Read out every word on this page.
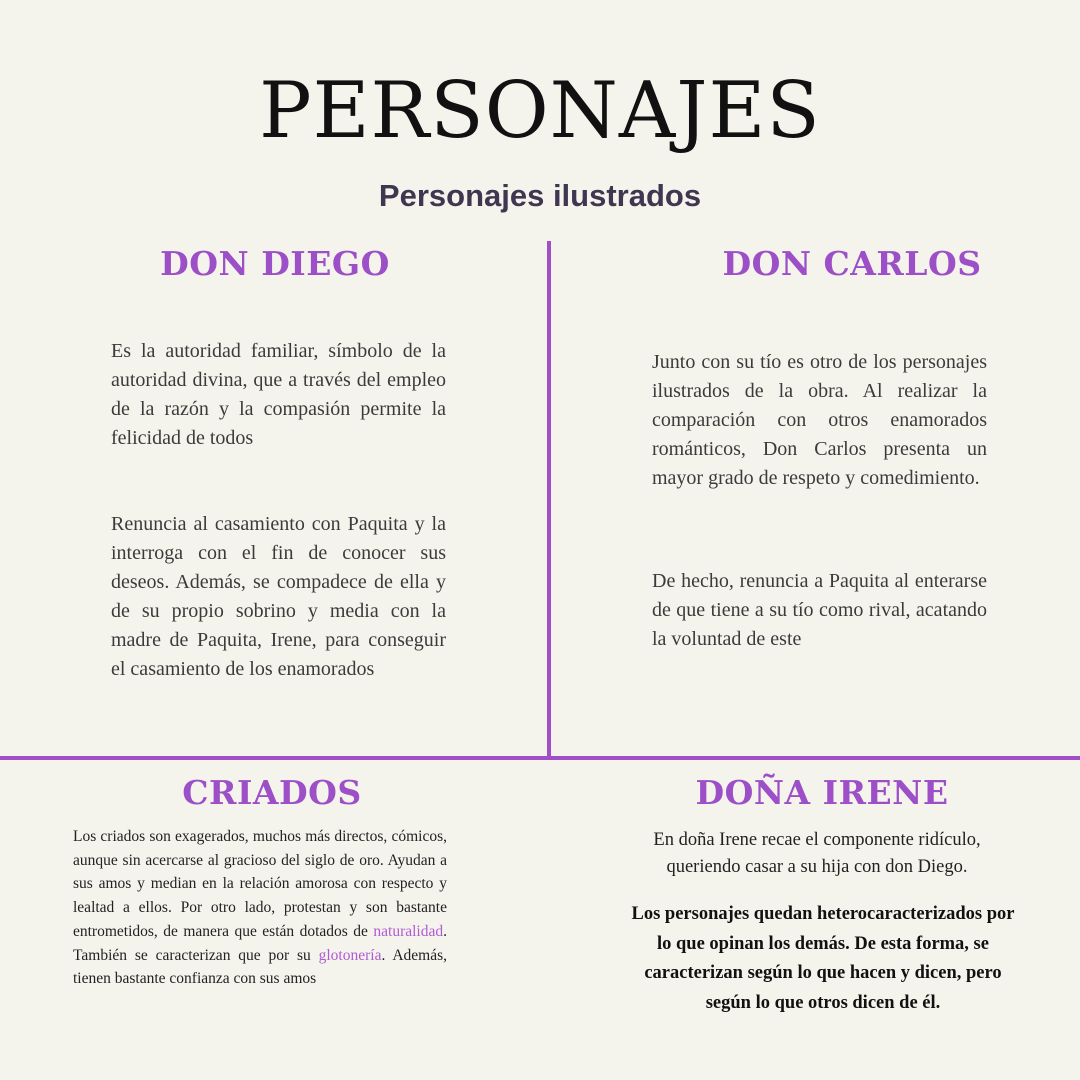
PERSONAJES
Personajes ilustrados
DON DIEGO

Es la autoridad familiar, símbolo de la autoridad divina, que a través del empleo de la razón y la compasión permite la felicidad de todos

Renuncia al casamiento con Paquita y la interroga con el fin de conocer sus deseos. Además, se compadece de ella y de su propio sobrino y media con la madre de Paquita, Irene, para conseguir el casamiento de los enamorados

DON CARLOS

Junto con su tío es otro de los personajes ilustrados de la obra. Al realizar la comparación con otros enamorados románticos, Don Carlos presenta un mayor grado de respeto y comedimiento.

De hecho, renuncia a Paquita al enterarse de que tiene a su tío como rival, acatando la voluntad de este

CRIADOS

Los criados son exagerados, muchos más directos, cómicos, aunque sin acercarse al gracioso del siglo de oro. Ayudan a sus amos y median en la relación amorosa con respecto y lealtad a ellos. Por otro lado, protestan y son bastante entrometidos, de manera que están dotados de naturalidad. También se caracterizan que por su glotonería. Además, tienen bastante confianza con sus amos

DOÑA IRENE

En doña Irene recae el componente ridículo, queriendo casar a su hija con don Diego.

Los personajes quedan heterocaracterizados por lo que opinan los demás. De esta forma, se caracterizan según lo que hacen y dicen, pero según lo que otros dicen de él.
